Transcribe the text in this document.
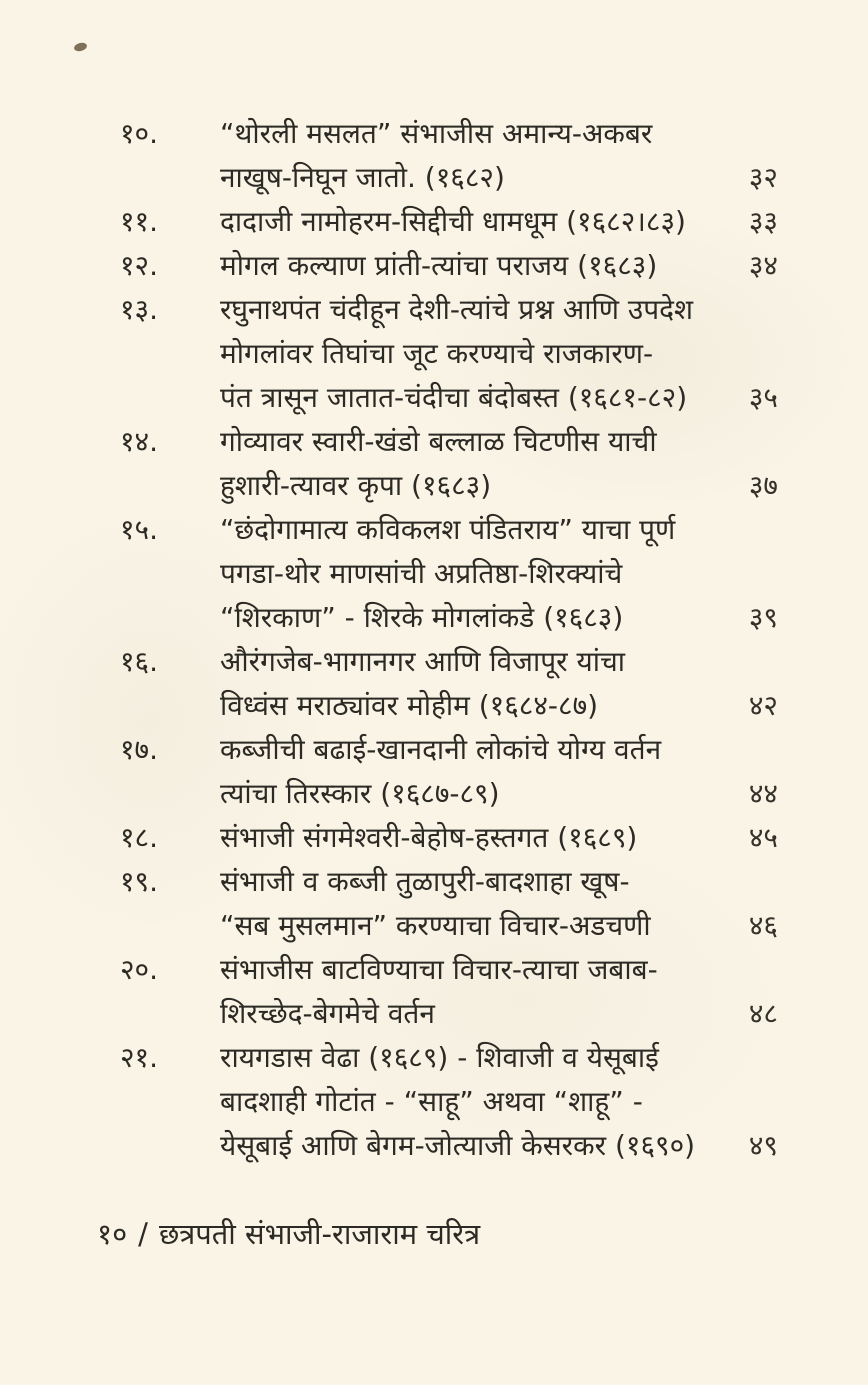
१०.	“थोरली मसलत” संभाजीस अमान्य-अकबर
नाखूष-निघून जातो. (१६८२)	३२
११.	दादाजी नामोहरम-सिद्दीची धामधूम (१६८२।८३)	३३
१२.	मोगल कल्याण प्रांती-त्यांचा पराजय (१६८३)	३४
१३.	रघुनाथपंत चंदीहून देशी-त्यांचे प्रश्न आणि उपदेश
मोगलांवर तिघांचा जूट करण्याचे राजकारण-
पंत त्रासून जातात-चंदीचा बंदोबस्त (१६८१-८२)	३५
१४.	गोव्यावर स्वारी-खंडो बल्लाळ चिटणीस याची
हुशारी-त्यावर कृपा (१६८३)	३७
१५.	“छंदोगामात्य कविकलश पंडितराय” याचा पूर्ण
पगडा-थोर माणसांची अप्रतिष्ठा-शिरक्यांचे
“शिरकाण” - शिरके मोगलांकडे (१६८३)	३९
१६.	औरंगजेब-भागानगर आणि विजापूर यांचा
विध्वंस मराठ्यांवर मोहीम (१६८४-८७)	४२
१७.	कब्जीची बढाई-खानदानी लोकांचे योग्य वर्तन
त्यांचा तिरस्कार (१६८७-८९)	४४
१८.	संभाजी संगमेश्वरी-बेहोष-हस्तगत (१६८९)	४५
१९.	संभाजी व कब्जी तुळापुरी-बादशाहा खूष-
“सब मुसलमान” करण्याचा विचार-अडचणी	४६
२०.	संभाजीस बाटविण्याचा विचार-त्याचा जबाब-
शिरच्छेद-बेगमेचे वर्तन	४८
२१.	रायगडास वेढा (१६८९) - शिवाजी व येसूबाई
बादशाही गोटांत - “साहू” अथवा “शाहू” -
येसूबाई आणि बेगम-जोत्याजी केसरकर (१६९०)	४९
१० / छत्रपती संभाजी-राजाराम चरित्र
